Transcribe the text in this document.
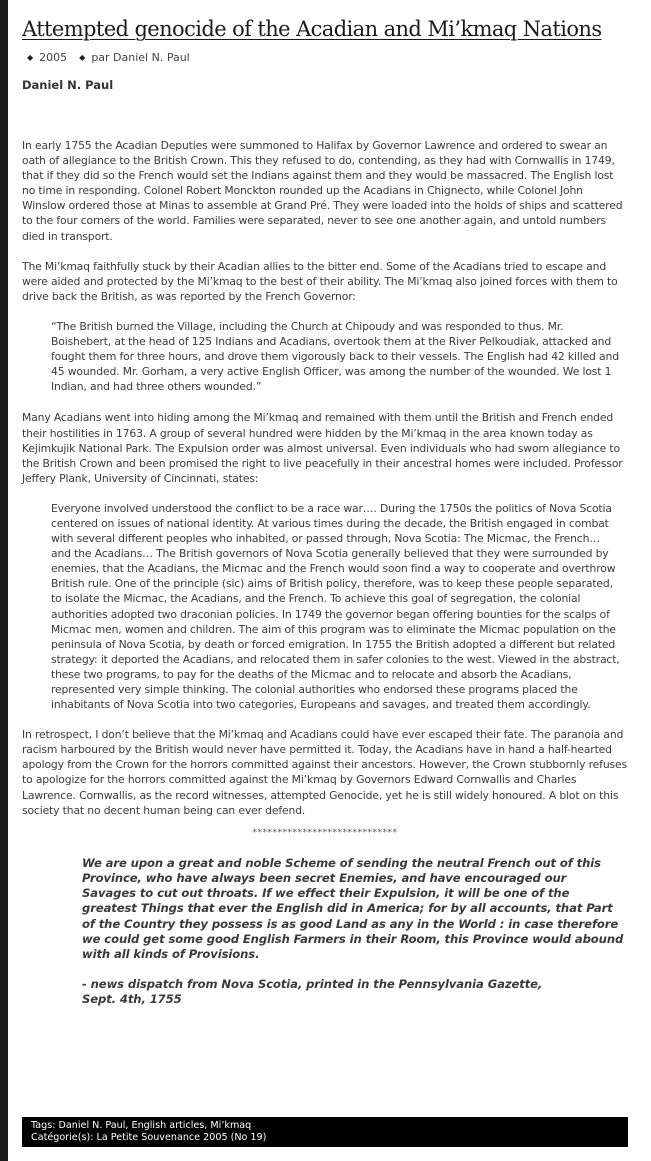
Attempted genocide of the Acadian and Mi’kmaq Nations
◆ 2005 ◆ par Daniel N. Paul
Daniel N. Paul

In early 1755 the Acadian Deputies were summoned to Halifax by Governor Lawrence and ordered to swear an oath of allegiance to the British Crown. This they refused to do, contending, as they had with Cornwallis in 1749, that if they did so the French would set the Indians against them and they would be massacred. The English lost no time in responding. Colonel Robert Monckton rounded up the Acadians in Chignecto, while Colonel John Winslow ordered those at Minas to assemble at Grand Pré. They were loaded into the holds of ships and scattered to the four corners of the world. Families were separated, never to see one another again, and untold numbers died in transport.

The Mi’kmaq faithfully stuck by their Acadian allies to the bitter end. Some of the Acadians tried to escape and were aided and protected by the Mi’kmaq to the best of their ability. The Mi’kmaq also joined forces with them to drive back the British, as was reported by the French Governor:

“The British burned the Village, including the Church at Chipoudy and was responded to thus. Mr. Boishebert, at the head of 125 Indians and Acadians, overtook them at the River Pelkoudiak, attacked and fought them for three hours, and drove them vigorously back to their vessels. The English had 42 killed and 45 wounded. Mr. Gorham, a very active English Officer, was among the number of the wounded. We lost 1 Indian, and had three others wounded.”

Many Acadians went into hiding among the Mi’kmaq and remained with them until the British and French ended their hostilities in 1763. A group of several hundred were hidden by the Mi’kmaq in the area known today as Kejimkujik National Park. The Expulsion order was almost universal. Even individuals who had sworn allegiance to the British Crown and been promised the right to live peacefully in their ancestral homes were included. Professor Jeffery Plank, University of Cincinnati, states:

Everyone involved understood the conflict to be a race war…. During the 1750s the politics of Nova Scotia centered on issues of national identity. At various times during the decade, the British engaged in combat with several different peoples who inhabited, or passed through, Nova Scotia: The Micmac, the French… and the Acadians… The British governors of Nova Scotia generally believed that they were surrounded by enemies, that the Acadians, the Micmac and the French would soon find a way to cooperate and overthrow British rule. One of the principle (sic) aims of British policy, therefore, was to keep these people separated, to isolate the Micmac, the Acadians, and the French. To achieve this goal of segregation, the colonial authorities adopted two draconian policies. In 1749 the governor began offering bounties for the scalps of Micmac men, women and children. The aim of this program was to eliminate the Micmac population on the peninsula of Nova Scotia, by death or forced emigration. In 1755 the British adopted a different but related strategy: it deported the Acadians, and relocated them in safer colonies to the west. Viewed in the abstract, these two programs, to pay for the deaths of the Micmac and to relocate and absorb the Acadians, represented very simple thinking. The colonial authorities who endorsed these programs placed the inhabitants of Nova Scotia into two categories, Europeans and savages, and treated them accordingly.

In retrospect, I don’t believe that the Mi’kmaq and Acadians could have ever escaped their fate. The paranoia and racism harboured by the British would never have permitted it. Today, the Acadians have in hand a half-hearted apology from the Crown for the horrors committed against their ancestors. However, the Crown stubbornly refuses to apologize for the horrors committed against the Mi’kmaq by Governors Edward Cornwallis and Charles Lawrence. Cornwallis, as the record witnesses, attempted Genocide, yet he is still widely honoured. A blot on this society that no decent human being can ever defend.

*****************************
We are upon a great and noble Scheme of sending the neutral French out of this Province, who have always been secret Enemies, and have encouraged our Savages to cut out throats. If we effect their Expulsion, it will be one of the greatest Things that ever the English did in America; for by all accounts, that Part of the Country they possess is as good Land as any in the World : in case therefore we could get some good English Farmers in their Room, this Province would abound with all kinds of Provisions.
- news dispatch from Nova Scotia, printed in the Pennsylvania Gazette,
Sept. 4th, 1755
Tags: Daniel N. Paul, English articles, Mi’kmaq
Catégorie(s): La Petite Souvenance 2005 (No 19)
